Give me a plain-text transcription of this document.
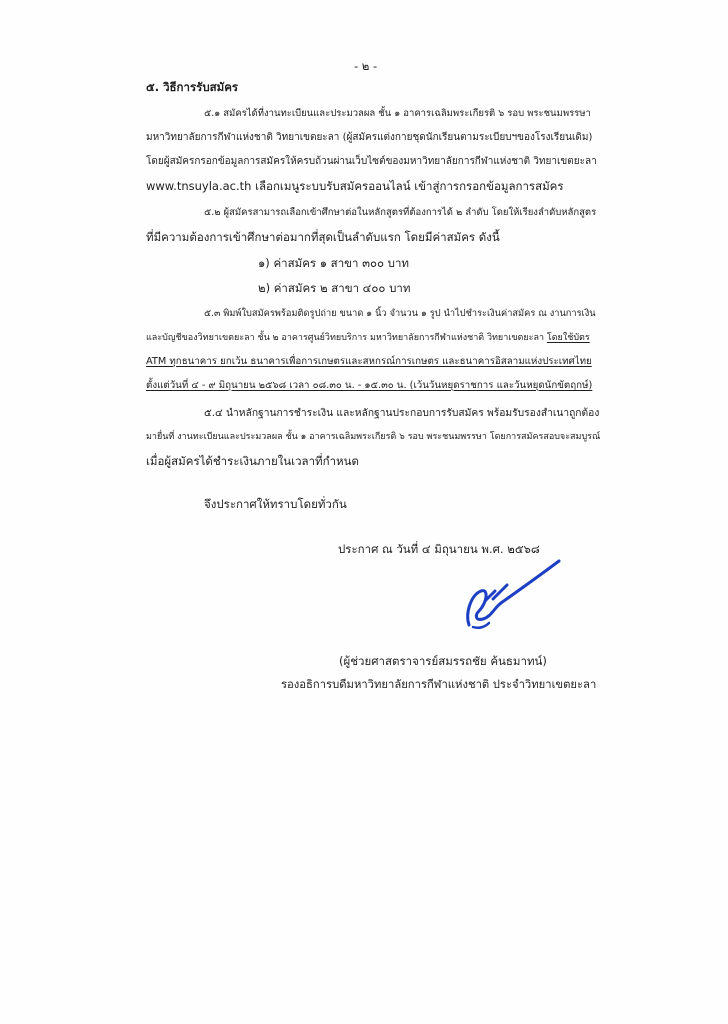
- ๒ -
๕. วิธีการรับสมัคร
๕.๑ สมัครได้ที่งานทะเบียนและประมวลผล ชั้น ๑ อาคารเฉลิมพระเกียรติ ๖ รอบ พระชนมพรรษา
มหาวิทยาลัยการกีฬาแห่งชาติ วิทยาเขตยะลา (ผู้สมัครแต่งกายชุดนักเรียนตามระเบียบฯของโรงเรียนเดิม)
โดยผู้สมัครกรอกข้อมูลการสมัครให้ครบถ้วนผ่านเว็บไซต์ของมหาวิทยาลัยการกีฬาแห่งชาติ วิทยาเขตยะลา
www.tnsuyla.ac.th เลือกเมนูระบบรับสมัครออนไลน์ เข้าสู่การกรอกข้อมูลการสมัคร
๕.๒ ผู้สมัครสามารถเลือกเข้าศึกษาต่อในหลักสูตรที่ต้องการได้ ๒ ลำดับ โดยให้เรียงลำดับหลักสูตร
ที่มีความต้องการเข้าศึกษาต่อมากที่สุดเป็นลำดับแรก โดยมีค่าสมัคร ดังนี้
๑) ค่าสมัคร ๑ สาขา ๓๐๐ บาท
๒) ค่าสมัคร ๒ สาขา ๔๐๐ บาท
๕.๓ พิมพ์ใบสมัครพร้อมติดรูปถ่าย ขนาด ๑ นิ้ว จำนวน ๑ รูป นำไปชำระเงินค่าสมัคร ณ งานการเงิน
และบัญชีของวิทยาเขตยะลา ชั้น ๒ อาคารศูนย์วิทยบริการ มหาวิทยาลัยการกีฬาแห่งชาติ วิทยาเขตยะลา โดยใช้บัตร
ATM ทุกธนาคาร ยกเว้น ธนาคารเพื่อการเกษตรและสหกรณ์การเกษตร และธนาคารอิสลามแห่งประเทศไทย
ตั้งแต่วันที่ ๔ - ๙ มิถุนายน ๒๕๖๘ เวลา ๐๘.๓๐ น. - ๑๕.๓๐ น. (เว้นวันหยุดราชการ และวันหยุดนักขัตฤกษ์)
๕.๔ นำหลักฐานการชำระเงิน และหลักฐานประกอบการรับสมัคร พร้อมรับรองสำเนาถูกต้อง
มายื่นที่ งานทะเบียนและประมวลผล ชั้น ๑ อาคารเฉลิมพระเกียรติ ๖ รอบ พระชนมพรรษา โดยการสมัครสอบจะสมบูรณ์
เมื่อผู้สมัครได้ชำระเงินภายในเวลาที่กำหนด
จึงประกาศให้ทราบโดยทั่วกัน
ประกาศ ณ วันที่ ๔ มิถุนายน พ.ศ. ๒๕๖๘
(ผู้ช่วยศาสตราจารย์สมรรถชัย ค้นธมาทน์)
รองอธิการบดีมหาวิทยาลัยการกีฬาแห่งชาติ ประจำวิทยาเขตยะลา
